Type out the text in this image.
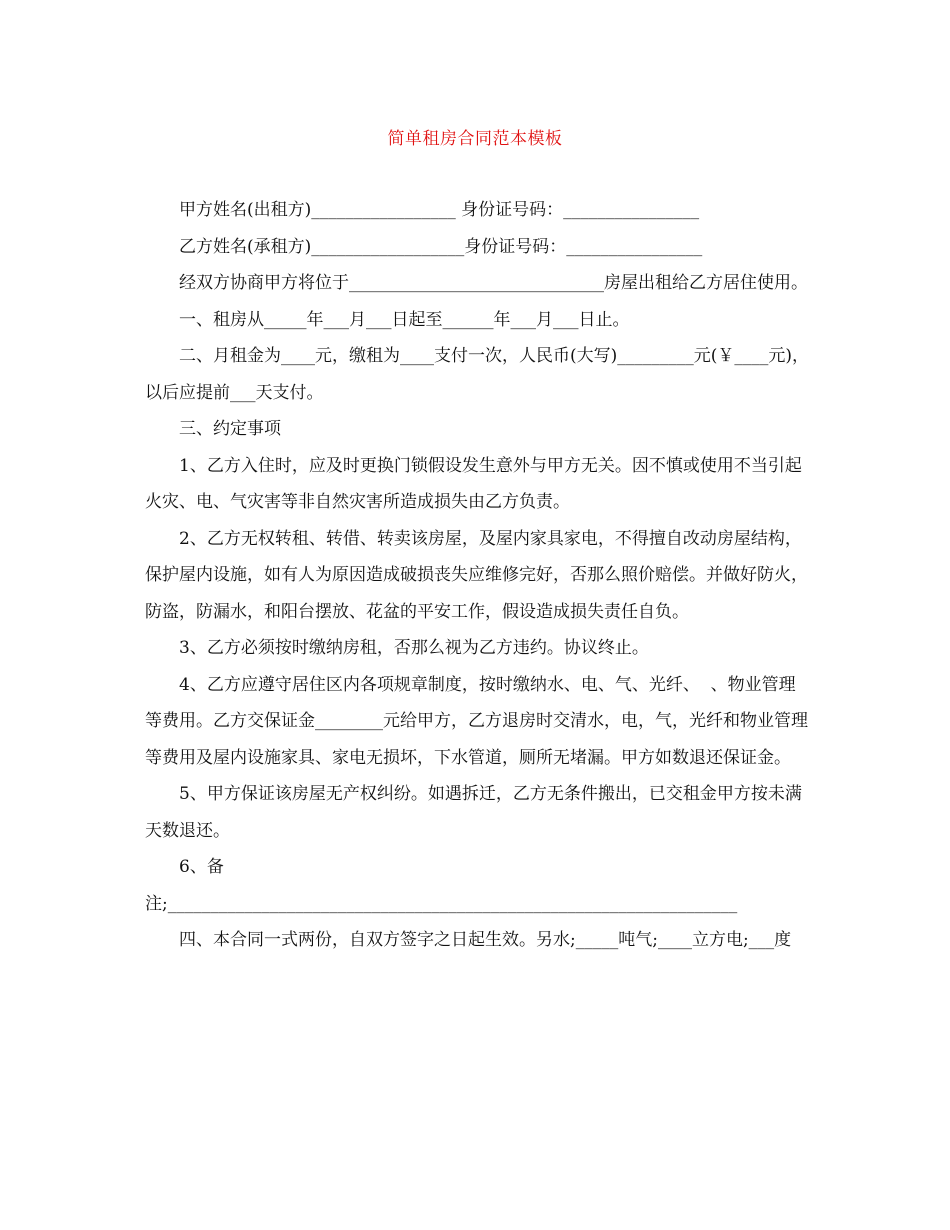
简单租房合同范本模板

甲方姓名(出租方)_________________ 身份证号码：________________

乙方姓名(承租方)__________________身份证号码：________________

经双方协商甲方将位于______________________________房屋出租给乙方居住使用。

一、租房从_____年___月___日起至______年___月___日止。

二、月租金为____元，缴租为____支付一次，人民币(大写)_________元(￥____元)，以后应提前___天支付。

三、约定事项

1、乙方入住时，应及时更换门锁假设发生意外与甲方无关。因不慎或使用不当引起火灾、电、气灾害等非自然灾害所造成损失由乙方负责。

2、乙方无权转租、转借、转卖该房屋，及屋内家具家电，不得擅自改动房屋结构，保护屋内设施，如有人为原因造成破损丧失应维修完好，否那么照价赔偿。并做好防火，防盗，防漏水，和阳台摆放、花盆的平安工作，假设造成损失责任自负。

3、乙方必须按时缴纳房租，否那么视为乙方违约。协议终止。

4、乙方应遵守居住区内各项规章制度，按时缴纳水、电、气、光纤、  、物业管理等费用。乙方交保证金________元给甲方，乙方退房时交清水，电，气，光纤和物业管理等费用及屋内设施家具、家电无损坏，下水管道，厕所无堵漏。甲方如数退还保证金。

5、甲方保证该房屋无产权纠纷。如遇拆迁，乙方无条件搬出，已交租金甲方按未满天数退还。

6、备

注;___________________________________________________________________

四、本合同一式两份，自双方签字之日起生效。另水;_____吨气;____立方电;___度
